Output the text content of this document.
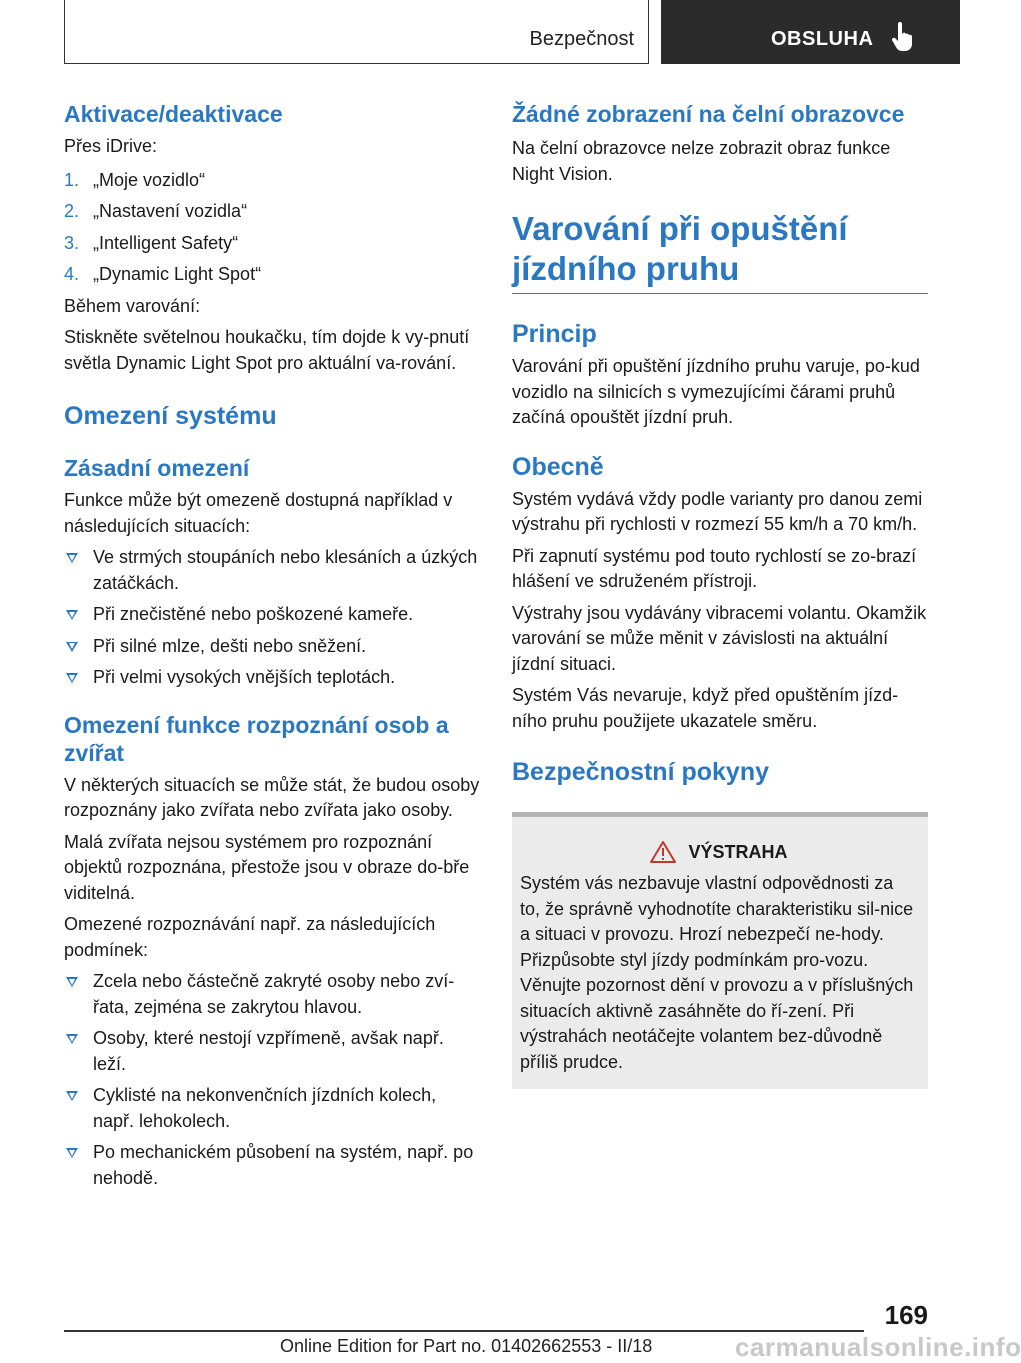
Bezpečnost	OBSLUHA
Aktivace/deaktivace

Přes iDrive:

1. „Moje vozidlo“
2. „Nastavení vozidla“
3. „Intelligent Safety“
4. „Dynamic Light Spot“

Během varování:

Stiskněte světelnou houkačku, tím dojde k vy-pnutí světla Dynamic Light Spot pro aktuální va-rování.

Omezení systému
Zásadní omezení

Funkce může být omezeně dostupná například v následujících situacích:

Ve strmých stoupáních nebo klesáních a úzkých zatáčkách.
Při znečistěné nebo poškozené kameře.
Při silné mlze, dešti nebo sněžení.
Při velmi vysokých vnějších teplotách.
Omezení funkce rozpoznání osob a zvířat

V některých situacích se může stát, že budou osoby rozpoznány jako zvířata nebo zvířata jako osoby.

Malá zvířata nejsou systémem pro rozpoznání objektů rozpoznána, přestože jsou v obraze do-bře viditelná.

Omezené rozpoznávání např. za následujících podmínek:

Zcela nebo částečně zakryté osoby nebo zví-řata, zejména se zakrytou hlavou.
Osoby, které nestojí vzpřímeně, avšak např. leží.
Cyklisté na nekonvenčních jízdních kolech, např. lehokolech.
Po mechanickém působení na systém, např. po nehodě.
Žádné zobrazení na čelní obrazovce

Na čelní obrazovce nelze zobrazit obraz funkce Night Vision.

Varování při opuštění jízdního pruhu
Princip

Varování při opuštění jízdního pruhu varuje, po-kud vozidlo na silnicích s vymezujícími čárami pruhů začíná opouštět jízdní pruh.

Obecně

Systém vydává vždy podle varianty pro danou zemi výstrahu při rychlosti v rozmezí 55 km/h a 70 km/h.

Při zapnutí systému pod touto rychlostí se zo-brazí hlášení ve sdruženém přístroji.

Výstrahy jsou vydávány vibracemi volantu. Okamžik varování se může měnit v závislosti na aktuální jízdní situaci.

Systém Vás nevaruje, když před opuštěním jízd-ního pruhu použijete ukazatele směru.

Bezpečnostní pokyny
VÝSTRAHA

Systém vás nezbavuje vlastní odpovědnosti za to, že správně vyhodnotíte charakteristiku sil-nice a situaci v provozu. Hrozí nebezpečí ne-hody. Přizpůsobte styl jízdy podmínkám pro-vozu. Věnujte pozornost dění v provozu a v příslušných situacích aktivně zasáhněte do ří-zení. Při výstrahách neotáčejte volantem bez-důvodně příliš prudce.

169
Online Edition for Part no. 01402662553 - II/18	carmanualsonline.info
